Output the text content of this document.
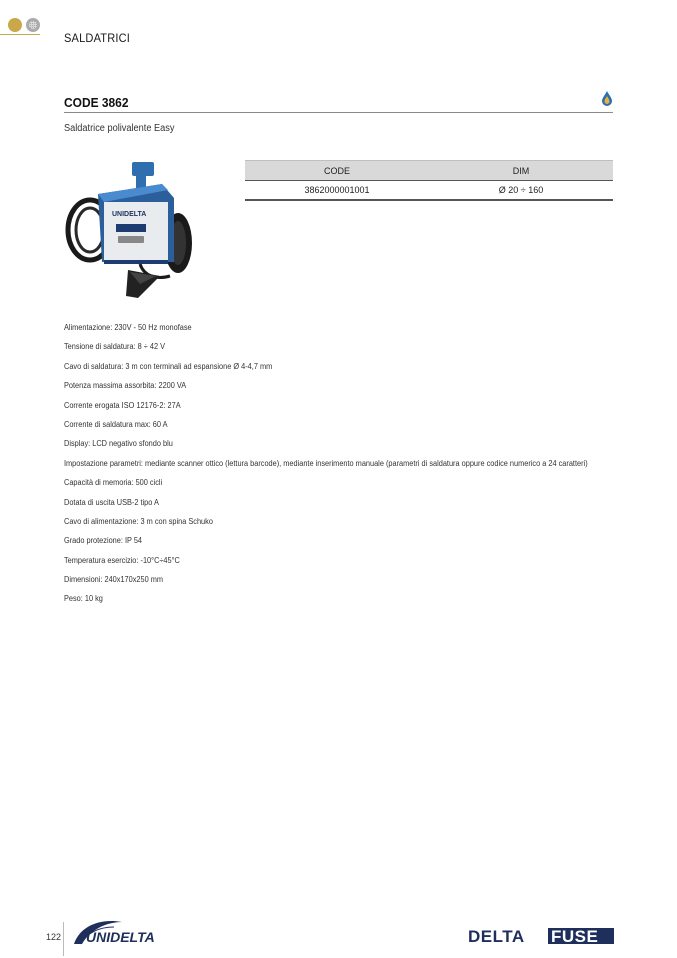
SALDATRICI
CODE 3862
Saldatrice polivalente Easy
UNIDELTA
CODE	DIM
3862000001001	Ø 20 ÷ 160
Alimentazione: 230V - 50 Hz monofase
Tensione di saldatura: 8 ÷ 42 V
Cavo di saldatura: 3 m con terminali ad espansione Ø 4-4,7 mm
Potenza massima assorbita: 2200 VA
Corrente erogata ISO 12176-2: 27A
Corrente di saldatura max: 60 A
Display: LCD negativo sfondo blu
Impostazione parametri: mediante scanner ottico (lettura barcode), mediante inserimento manuale (parametri di saldatura oppure codice numerico a 24 caratteri)
Capacità di memoria: 500 cicli
Dotata di uscita USB-2 tipo A
Cavo di alimentazione: 3 m con spina Schuko
Grado protezione: IP 54
Temperatura esercizio: -10°C÷45°C
Dimensioni: 240x170x250 mm
Peso: 10 kg
122 UNIDELTA	DELTA FUSE
